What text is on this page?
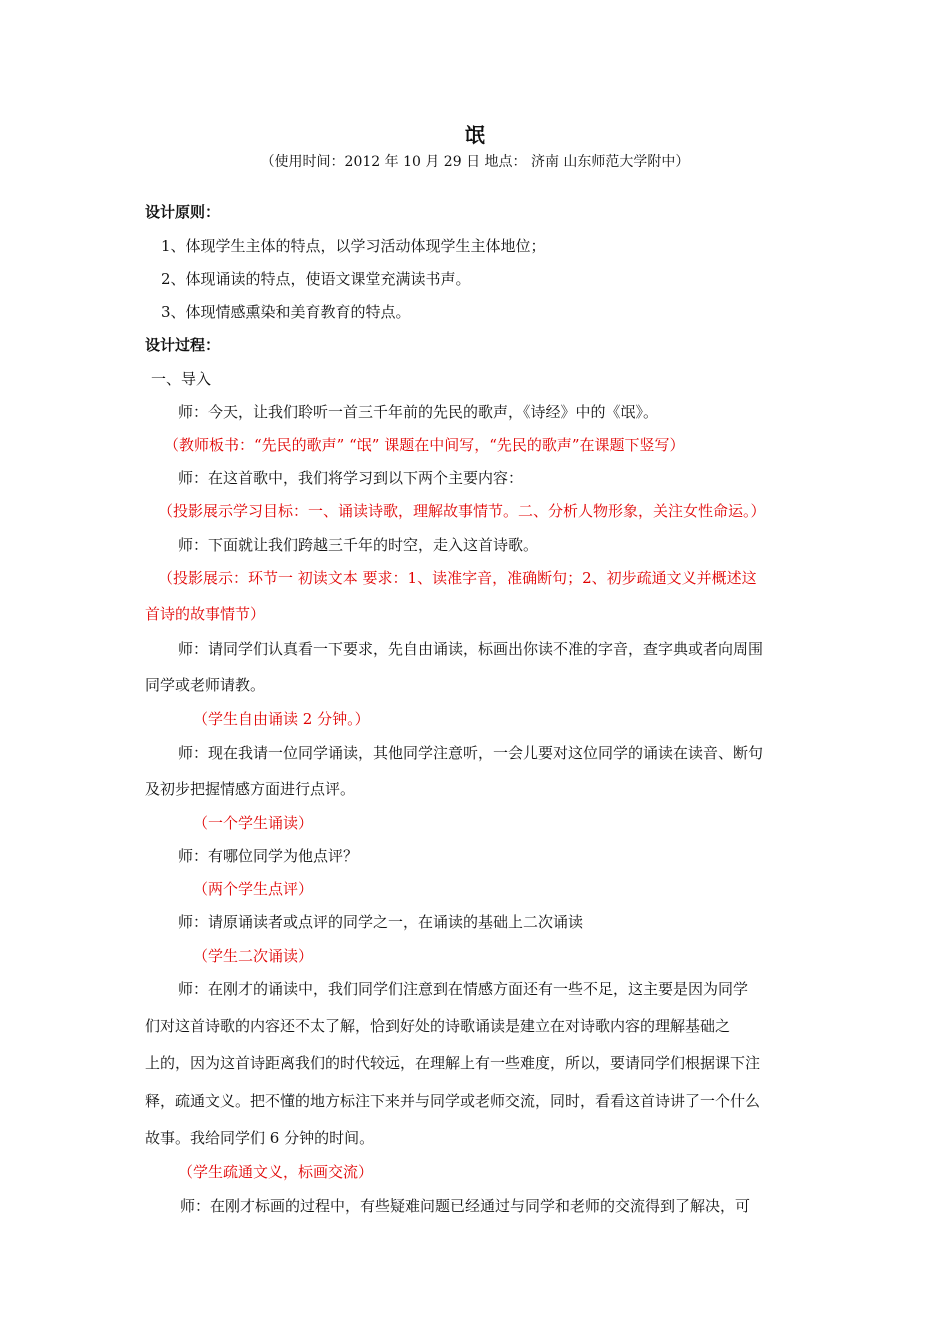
氓
（使用时间：2012 年 10 月 29 日 地点： 济南 山东师范大学附中）
设计原则：
1、体现学生主体的特点，以学习活动体现学生主体地位；
2、体现诵读的特点，使语文课堂充满读书声。
3、体现情感熏染和美育教育的特点。
设计过程：
一、导入
师：今天，让我们聆听一首三千年前的先民的歌声，《诗经》中的《氓》。
（教师板书：“先民的歌声” “氓” 课题在中间写，“先民的歌声”在课题下竖写）
师：在这首歌中，我们将学习到以下两个主要内容：
（投影展示学习目标：一、诵读诗歌，理解故事情节。二、分析人物形象，关注女性命运。）
师：下面就让我们跨越三千年的时空，走入这首诗歌。
（投影展示：环节一 初读文本 要求：1、读准字音，准确断句；2、初步疏通文义并概述这
首诗的故事情节）
师：请同学们认真看一下要求，先自由诵读，标画出你读不准的字音，查字典或者向周围
同学或老师请教。
（学生自由诵读 2 分钟。）
师：现在我请一位同学诵读，其他同学注意听，一会儿要对这位同学的诵读在读音、断句
及初步把握情感方面进行点评。
（一个学生诵读）
师：有哪位同学为他点评？
（两个学生点评）
师：请原诵读者或点评的同学之一，在诵读的基础上二次诵读
（学生二次诵读）
师：在刚才的诵读中，我们同学们注意到在情感方面还有一些不足，这主要是因为同学
们对这首诗歌的内容还不太了解，恰到好处的诗歌诵读是建立在对诗歌内容的理解基础之
上的，因为这首诗距离我们的时代较远，在理解上有一些难度，所以，要请同学们根据课下注
释，疏通文义。把不懂的地方标注下来并与同学或老师交流，同时，看看这首诗讲了一个什么
故事。我给同学们 6 分钟的时间。
（学生疏通文义，标画交流）
师：在刚才标画的过程中，有些疑难问题已经通过与同学和老师的交流得到了解决，可
